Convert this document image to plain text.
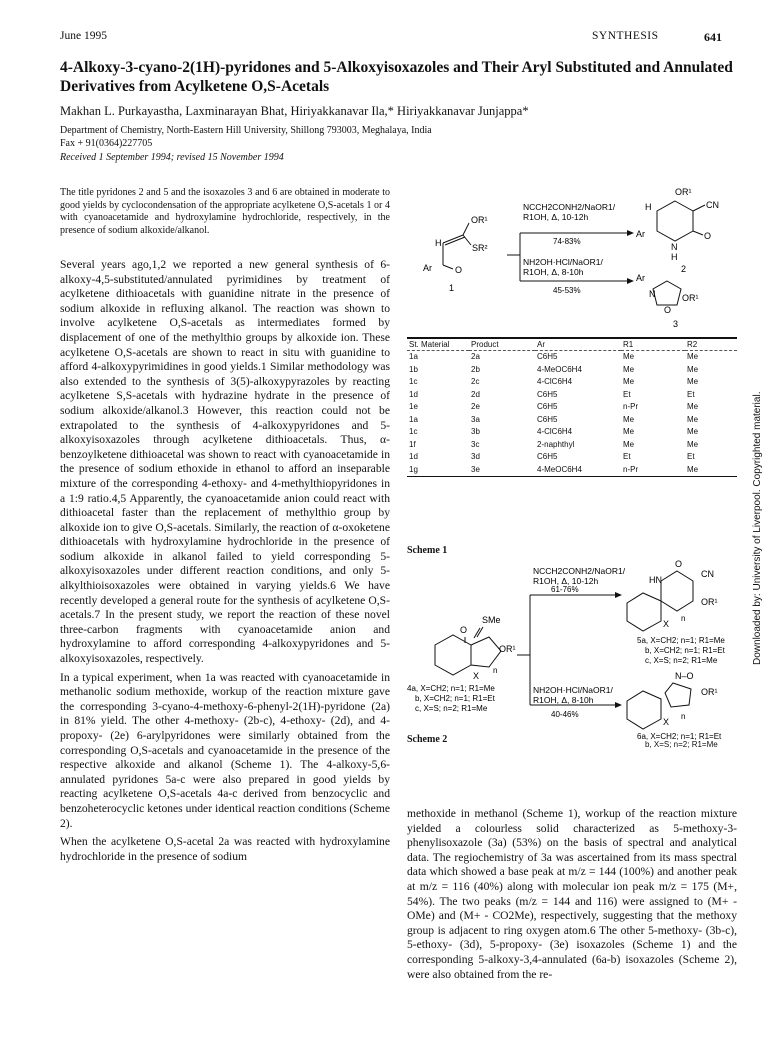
June 1995	SYNTHESIS	641
4-Alkoxy-3-cyano-2(1H)-pyridones and 5-Alkoxyisoxazoles and Their Aryl Substituted and Annulated Derivatives from Acylketene O,S-Acetals
Makhan L. Purkayastha, Laxminarayan Bhat, Hiriyakkanavar Ila,* Hiriyakkanavar Junjappa*
Department of Chemistry, North-Eastern Hill University, Shillong 793003, Meghalaya, India
Fax + 91(0364)227705
Received 1 September 1994; revised 15 November 1994
The title pyridones 2 and 5 and the isoxazoles 3 and 6 are obtained in moderate to good yields by cyclocondensation of the appropriate acylketene O,S-acetals 1 or 4 with cyanoacetamide and hydroxylamine hydrochloride, respectively, in the presence of sodium alkoxide/alkanol.

Several years ago,1,2 we reported a new general synthesis of 6-alkoxy-4,5-substituted/annulated pyrimidines by treatment of acylketene dithioacetals with guanidine nitrate in the presence of sodium alkoxide in refluxing alkanol. The reaction was shown to involve acylketene O,S-acetals as intermediates formed by displacement of one of the methylthio groups by alkoxide ion. These acylketene O,S-acetals are shown to react in situ with guanidine to afford 4-alkoxypyrimidines in good yields.1 Similar methodology was also extended to the synthesis of 3(5)-alkoxypyrazoles by reacting acylketene S,S-acetals with hydrazine hydrate in the presence of sodium alkoxide/alkanol.3 However, this reaction could not be extrapolated to the synthesis of 4-alkoxypyridones and 5-alkoxyisoxazoles through acylketene dithioacetals. Thus, α-benzoylketene dithioacetal was shown to react with cyanoacetamide in the presence of sodium ethoxide in ethanol to afford an inseparable mixture of the corresponding 4-ethoxy- and 4-methylthiopyridones in a 1:9 ratio.4,5 Apparently, the cyanoacetamide anion could react with dithioacetal faster than the replacement of methylthio group by alkoxide ion to give O,S-acetals. Similarly, the reaction of α-oxoketene dithioacetals with hydroxylamine hydrochloride in the presence of sodium alkoxide in alkanol failed to yield corresponding 5-alkoxyisoxazoles under different reaction conditions, and only 5-alkylthioisoxazoles were obtained in varying yields.6 We have recently developed a general route for the synthesis of acylketene O,S-acetals.7 In the present study, we report the reaction of these novel three-carbon fragments with cyanoacetamide anion and hydroxylamine to afford corresponding 4-alkoxypyridones and 5-alkoxyisoxazoles, respectively.

In a typical experiment, when 1a was reacted with cyanoacetamide in methanolic sodium methoxide, workup of the reaction mixture gave the corresponding 3-cyano-4-methoxy-6-phenyl-2(1H)-pyridone (2a) in 81% yield. The other 4-methoxy- (2b-c), 4-ethoxy- (2d), and 4-propoxy- (2e) 6-arylpyridones were similarly obtained from the corresponding O,S-acetals and cyanoacetamide in the presence of the respective alkoxide and alkanol (Scheme 1). The 4-alkoxy-5,6-annulated pyridones 5a-c were also prepared in good yields by reacting acylketene O,S-acetals 4a-c derived from benzocyclic and benzoheterocyclic ketones under identical reaction conditions (Scheme 2).

When the acylketene O,S-acetal 2a was reacted with hydroxylamine hydrochloride in the presence of sodium

methoxide in methanol (Scheme 1), workup of the reaction mixture yielded a colourless solid characterized as 5-methoxy-3-phenylisoxazole (3a) (53%) on the basis of spectral and analytical data. The regiochemistry of 3a was ascertained from its mass spectral data which showed a base peak at m/z = 144 (100%) and another peak at m/z = 116 (40%) along with molecular ion peak m/z = 175 (M+, 54%). The two peaks (m/z = 144 and 116) were assigned to (M+ - OMe) and (M+ - CO2Me), respectively, suggesting that the methoxy group is adjacent to ring oxygen atom.6 The other 5-methoxy- (3b-c), 5-ethoxy- (3d), 5-propoxy- (3e) isoxazoles (Scheme 1) and the corresponding 5-alkoxy-3,4-annulated (6a-b) isoxazoles (Scheme 2), were also obtained from the re-
OR¹
H	SR²
Ar	O
1
NCCH2CONH2/NaOR1/
R1OH, Δ, 10-12h
74-83%
NH2OH·HCl/NaOR1/
R1OH, Δ, 8-10h
45-53%
OR¹
CN
H
Ar	O
N
H
2
Ar
N
O
OR¹
3
St. Material	Product	Ar	R1	R2
1a	2a	C6H5	Me	Me
1b	2b	4-MeOC6H4	Me	Me
1c	2c	4-ClC6H4	Me	Me
1d	2d	C6H5	Et	Et
1e	2e	C6H5	n-Pr	Me
1a	3a	C6H5	Me	Me
1c	3b	4-ClC6H4	Me	Me
1f	3c	2-naphthyl	Me	Me
1d	3d	C6H5	Et	Et
1g	3e	4-MeOC6H4	n-Pr	Me
Scheme 1
SMe
O
OR¹
X
n
4a, X=CH2; n=1; R1=Me
b, X=CH2; n=1; R1=Et
c, X=S; n=2; R1=Me
NCCH2CONH2/NaOR1/
R1OH, Δ, 10-12h
61-76%
NH2OH·HCl/NaOR1/
R1OH, Δ, 8-10h
40-46%
O
HN
CN
OR¹
X
n
5a, X=CH2; n=1; R1=Me
b, X=CH2; n=1; R1=Et
c, X=S; n=2; R1=Me
N–O
OR¹
X
n
6a, X=CH2; n=1; R1=Et
b, X=S; n=2; R1=Me
Scheme 2
Downloaded by: University of Liverpool. Copyrighted material.
